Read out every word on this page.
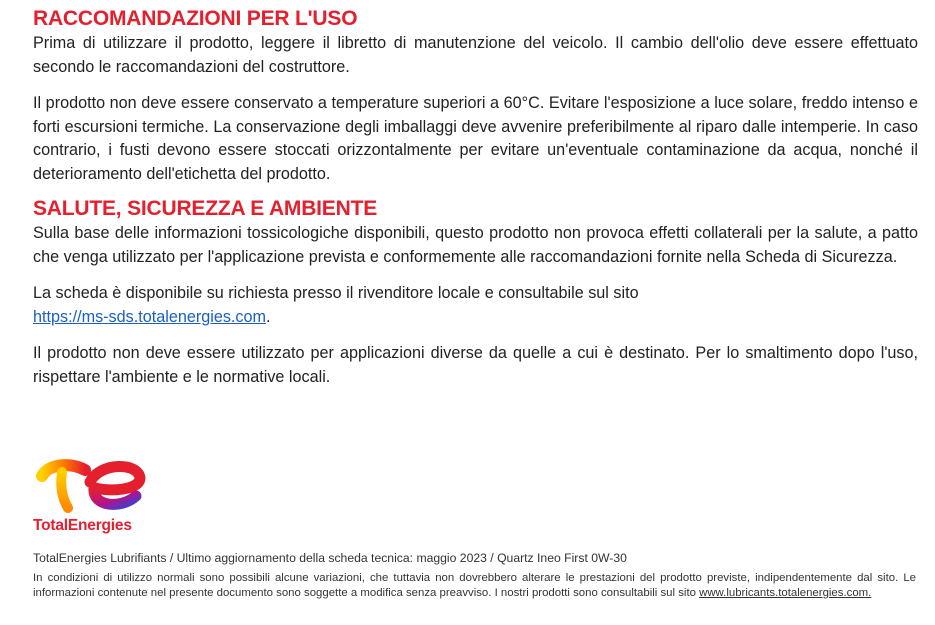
RACCOMANDAZIONI PER L'USO

Prima di utilizzare il prodotto, leggere il libretto di manutenzione del veicolo. Il cambio dell'olio deve essere effettuato secondo le raccomandazioni del costruttore.

Il prodotto non deve essere conservato a temperature superiori a 60°C. Evitare l'esposizione a luce solare, freddo intenso e forti escursioni termiche. La conservazione degli imballaggi deve avvenire preferibilmente al riparo dalle intemperie. In caso contrario, i fusti devono essere stoccati orizzontalmente per evitare un'eventuale contaminazione da acqua, nonché il deterioramento dell'etichetta del prodotto.

SALUTE, SICUREZZA E AMBIENTE

Sulla base delle informazioni tossicologiche disponibili, questo prodotto non provoca effetti collaterali per la salute, a patto che venga utilizzato per l'applicazione prevista e conformemente alle raccomandazioni fornite nella Scheda di Sicurezza.

La scheda è disponibile su richiesta presso il rivenditore locale e consultabile sul sito
https://ms-sds.totalenergies.com.

Il prodotto non deve essere utilizzato per applicazioni diverse da quelle a cui è destinato. Per lo smaltimento dopo l'uso, rispettare l'ambiente e le normative locali.

TotalEnergies

TotalEnergies Lubrifiants / Ultimo aggiornamento della scheda tecnica: maggio 2023 / Quartz Ineo First 0W-30

In condizioni di utilizzo normali sono possibili alcune variazioni, che tuttavia non dovrebbero alterare le prestazioni del prodotto previste, indipendentemente dal sito. Le informazioni contenute nel presente documento sono soggette a modifica senza preavviso. I nostri prodotti sono consultabili sul sito www.lubricants.totalenergies.com.
